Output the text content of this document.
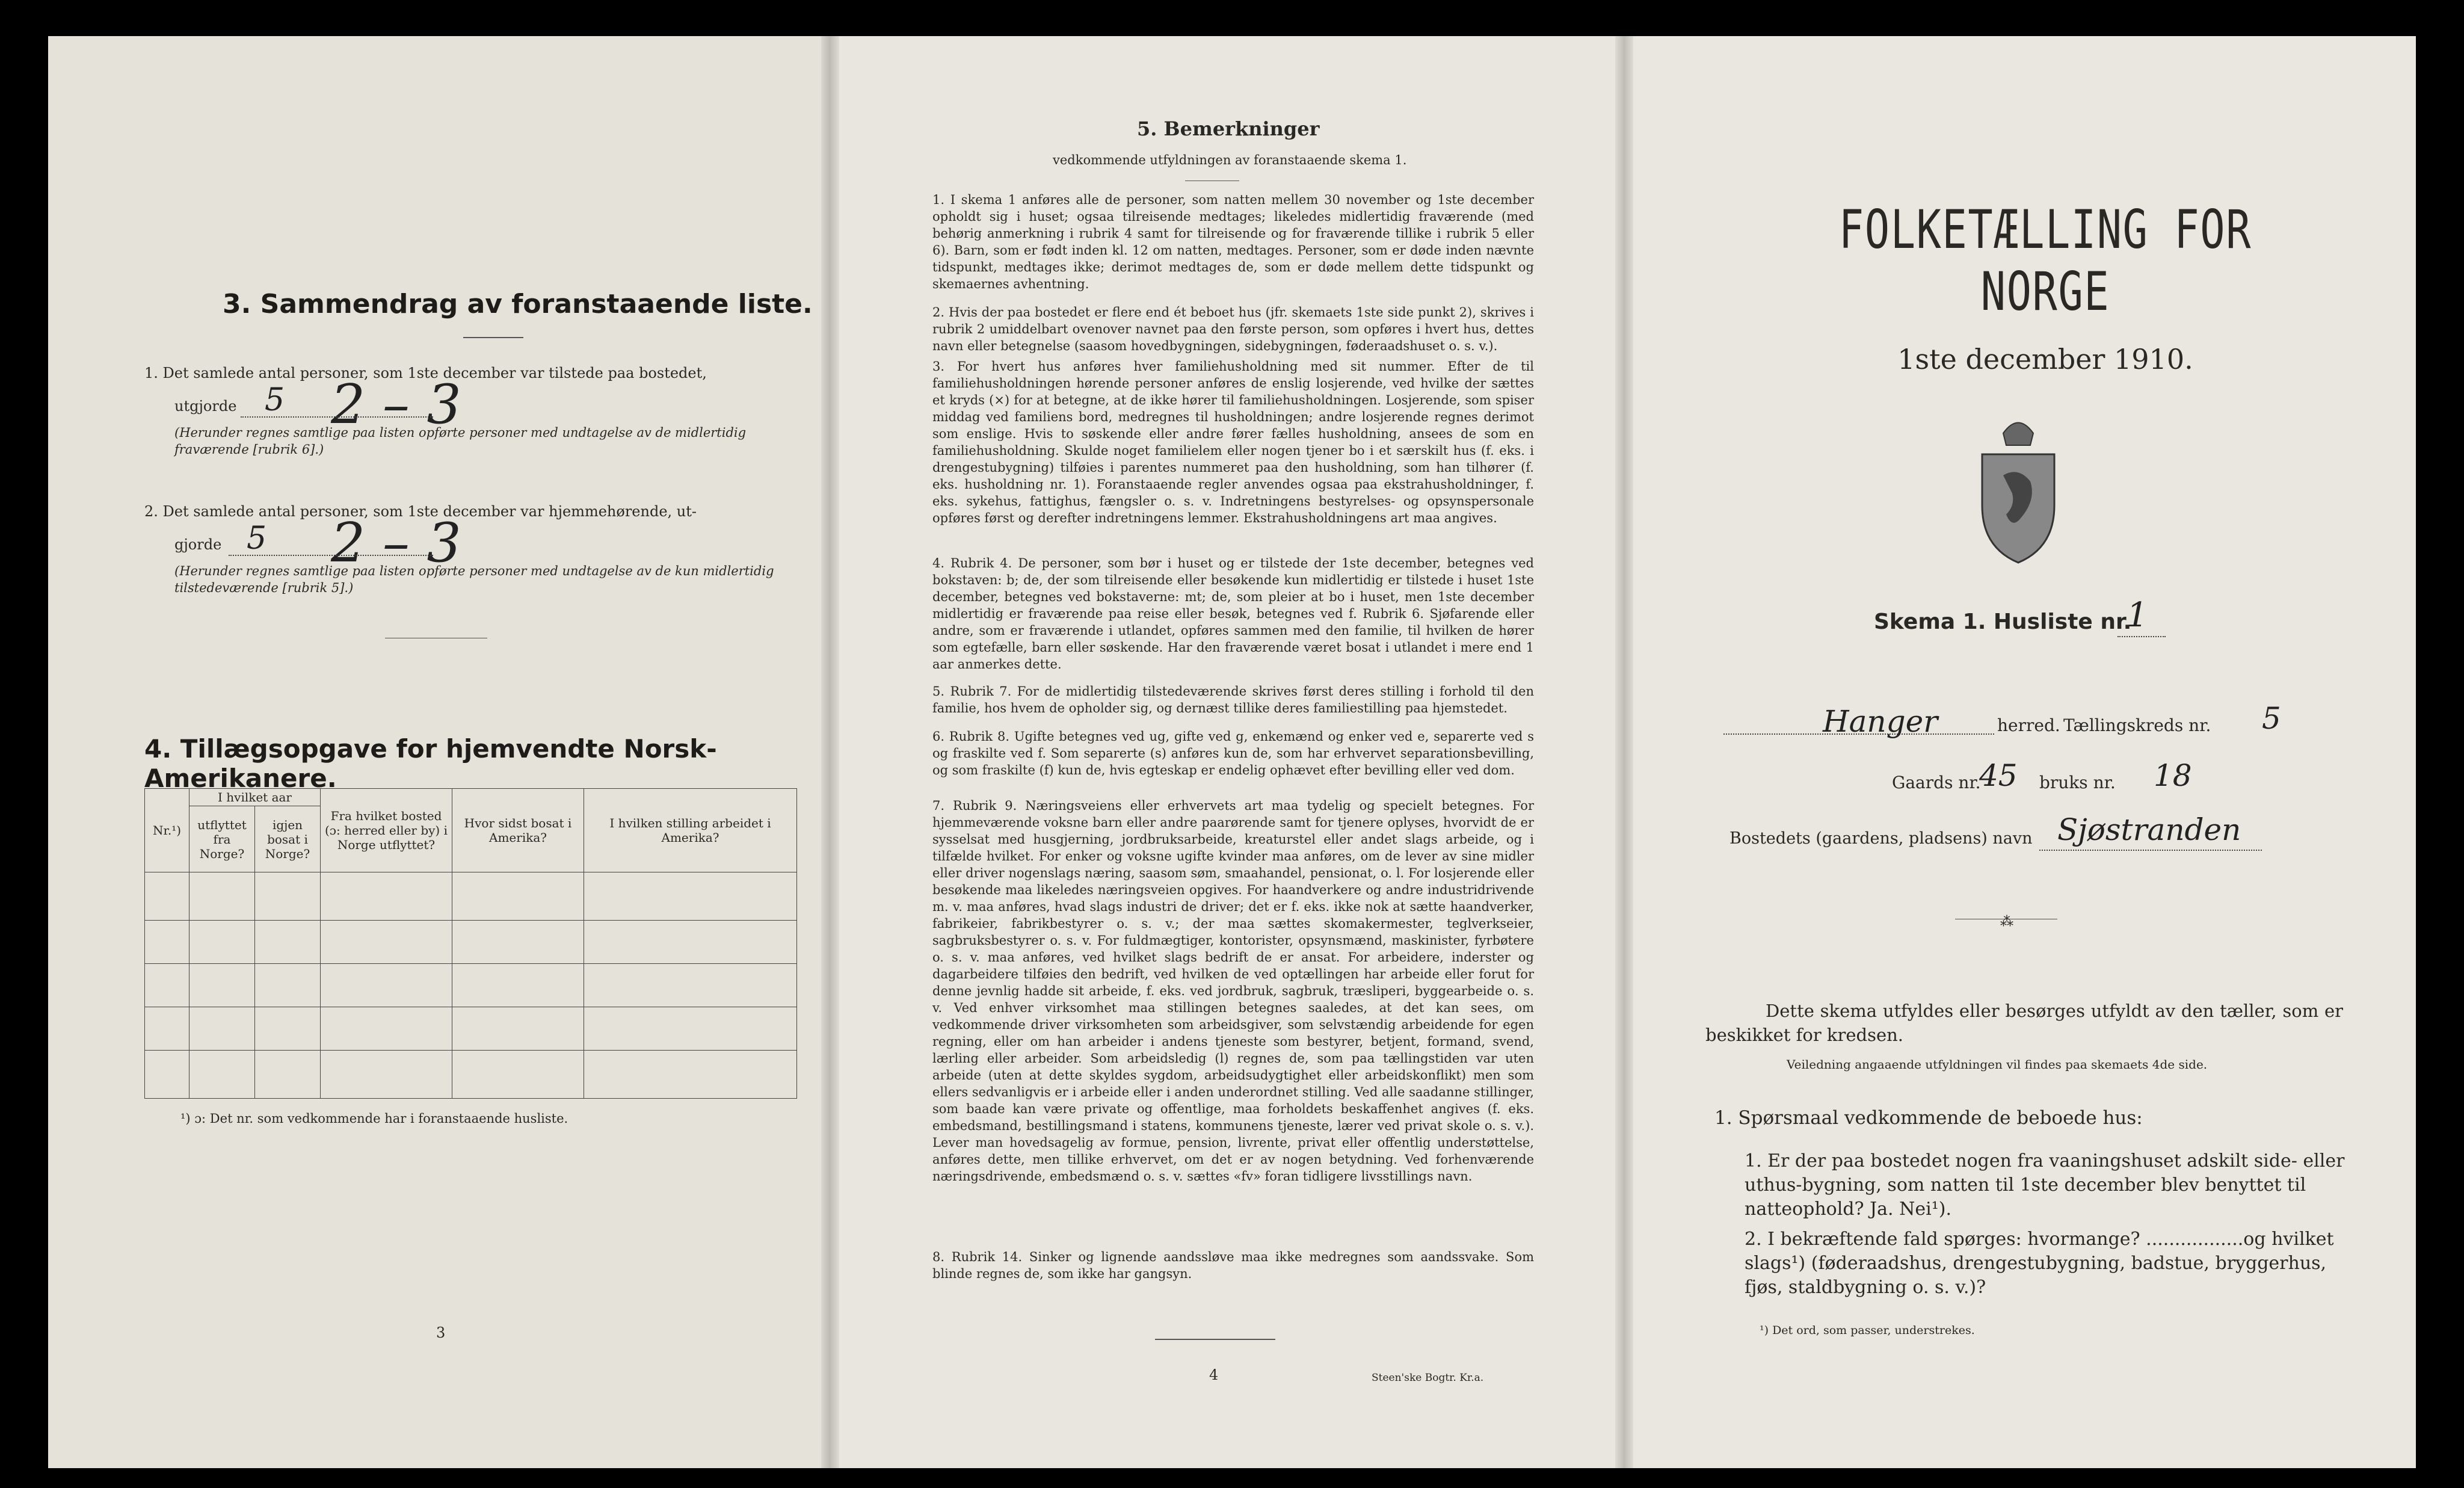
3. Sammendrag av foranstaaende liste.
1. Det samlede antal personer, som 1ste december var tilstede paa bostedet,
utgjorde 5 2 – 3
(Herunder regnes samtlige paa listen opførte personer med undtagelse av de midlertidig fraværende [rubrik 6].)
2. Det samlede antal personer, som 1ste december var hjemmehørende, ut-
gjorde 5 2 – 3
(Herunder regnes samtlige paa listen opførte personer med undtagelse av de kun midlertidig tilstedeværende [rubrik 5].)
4. Tillægsopgave for hjemvendte Norsk-Amerikanere.
Nr.¹)	I hvilket aar		Fra hvilket bosted (ɔ: herred eller by) i Norge utflyttet?	Hvor sidst bosat i Amerika?	I hvilken stilling arbeidet i Amerika?
	utflyttet fra Norge?	igjen bosat i Norge?			

¹) ɔ: Det nr. som vedkommende har i foranstaaende husliste.
3
5. Bemerkninger
vedkommende utfyldningen av foranstaaende skema 1.
1. I skema 1 anføres alle de personer, som natten mellem 30 november og 1ste december opholdt sig i huset; ogsaa tilreisende medtages; likeledes midlertidig fraværende (med behørig anmerkning i rubrik 4 samt for tilreisende og for fraværende tillike i rubrik 5 eller 6). Barn, som er født inden kl. 12 om natten, medtages. Personer, som er døde inden nævnte tidspunkt, medtages ikke; derimot medtages de, som er døde mellem dette tidspunkt og skemaernes avhentning.
2. Hvis der paa bostedet er flere end ét beboet hus (jfr. skemaets 1ste side punkt 2), skrives i rubrik 2 umiddelbart ovenover navnet paa den første person, som opføres i hvert hus, dettes navn eller betegnelse (saasom hovedbygningen, sidebygningen, føderaadshuset o. s. v.).
3. For hvert hus anføres hver familiehusholdning med sit nummer. Efter de til familiehusholdningen hørende personer anføres de enslig losjerende, ved hvilke der sættes et kryds (×) for at betegne, at de ikke hører til familiehusholdningen. Losjerende, som spiser middag ved familiens bord, medregnes til husholdningen; andre losjerende regnes derimot som enslige. Hvis to søskende eller andre fører fælles husholdning, ansees de som en familiehusholdning. Skulde noget familielem eller nogen tjener bo i et særskilt hus (f. eks. i drengestubygning) tilføies i parentes nummeret paa den husholdning, som han tilhører (f. eks. husholdning nr. 1). Foranstaaende regler anvendes ogsaa paa ekstrahusholdninger, f. eks. sykehus, fattighus, fængsler o. s. v. Indretningens bestyrelses- og opsynspersonale opføres først og derefter indretningens lemmer. Ekstrahusholdningens art maa angives.
4. Rubrik 4. De personer, som bør i huset og er tilstede der 1ste december, betegnes ved bokstaven: b; de, der som tilreisende eller besøkende kun midlertidig er tilstede i huset 1ste december, betegnes ved bokstaverne: mt; de, som pleier at bo i huset, men 1ste december midlertidig er fraværende paa reise eller besøk, betegnes ved f. Rubrik 6. Sjøfarende eller andre, som er fraværende i utlandet, opføres sammen med den familie, til hvilken de hører som egtefælle, barn eller søskende. Har den fraværende været bosat i utlandet i mere end 1 aar anmerkes dette.
5. Rubrik 7. For de midlertidig tilstedeværende skrives først deres stilling i forhold til den familie, hos hvem de opholder sig, og dernæst tillike deres familiestilling paa hjemstedet.
6. Rubrik 8. Ugifte betegnes ved ug, gifte ved g, enkemænd og enker ved e, separerte ved s og fraskilte ved f. Som separerte (s) anføres kun de, som har erhvervet separationsbevilling, og som fraskilte (f) kun de, hvis egteskap er endelig ophævet efter bevilling eller ved dom.
7. Rubrik 9. Næringsveiens eller erhvervets art maa tydelig og specielt betegnes. For hjemmeværende voksne barn eller andre paarørende samt for tjenere oplyses, hvorvidt de er sysselsat med husgjerning, jordbruksarbeide, kreaturstel eller andet slags arbeide, og i tilfælde hvilket. For enker og voksne ugifte kvinder maa anføres, om de lever av sine midler eller driver nogenslags næring, saasom søm, smaahandel, pensionat, o. l. For losjerende eller besøkende maa likeledes næringsveien opgives. For haandverkere og andre industridrivende m. v. maa anføres, hvad slags industri de driver; det er f. eks. ikke nok at sætte haandverker, fabrikeier, fabrikbestyrer o. s. v.; der maa sættes skomakermester, teglverkseier, sagbruksbestyrer o. s. v. For fuldmægtiger, kontorister, opsynsmænd, maskinister, fyrbøtere o. s. v. maa anføres, ved hvilket slags bedrift de er ansat. For arbeidere, inderster og dagarbeidere tilføies den bedrift, ved hvilken de ved optællingen har arbeide eller forut for denne jevnlig hadde sit arbeide, f. eks. ved jordbruk, sagbruk, træsliperi, byggearbeide o. s. v. Ved enhver virksomhet maa stillingen betegnes saaledes, at det kan sees, om vedkommende driver virksomheten som arbeidsgiver, som selvstændig arbeidende for egen regning, eller om han arbeider i andens tjeneste som bestyrer, betjent, formand, svend, lærling eller arbeider. Som arbeidsledig (l) regnes de, som paa tællingstiden var uten arbeide (uten at dette skyldes sygdom, arbeidsudygtighet eller arbeidskonflikt) men som ellers sedvanligvis er i arbeide eller i anden underordnet stilling. Ved alle saadanne stillinger, som baade kan være private og offentlige, maa forholdets beskaffenhet angives (f. eks. embedsmand, bestillingsmand i statens, kommunens tjeneste, lærer ved privat skole o. s. v.). Lever man hovedsagelig av formue, pension, livrente, privat eller offentlig understøttelse, anføres dette, men tillike erhvervet, om det er av nogen betydning. Ved forhenværende næringsdrivende, embedsmænd o. s. v. sættes «fv» foran tidligere livsstillings navn.
8. Rubrik 14. Sinker og lignende aandssløve maa ikke medregnes som aandssvake. Som blinde regnes de, som ikke har gangsyn.
4	Steen'ske Bogtr. Kr.a.
FOLKETÆLLING FOR NORGE
1ste december 1910.
Skema 1. Husliste nr.
1
Hanger	herred. Tællingskreds nr. 5
Gaards nr.
45 bruks nr. 18
Bostedets (gaardens, pladsens) navn Sjøstranden
⁂
Dette skema utfyldes eller besørges utfyldt av den tæller, som er beskikket for kredsen.
Veiledning angaaende utfyldningen vil findes paa skemaets 4de side.
1. Spørsmaal vedkommende de beboede hus:
1. Er der paa bostedet nogen fra vaaningshuset adskilt side- eller uthus-bygning, som natten til 1ste december blev benyttet til natteophold? Ja. Nei¹).
2. I bekræftende fald spørges: hvormange? .................og hvilket slags¹) (føderaadshus, drengestubygning, badstue, bryggerhus, fjøs, staldbygning o. s. v.)?
¹) Det ord, som passer, understrekes.
